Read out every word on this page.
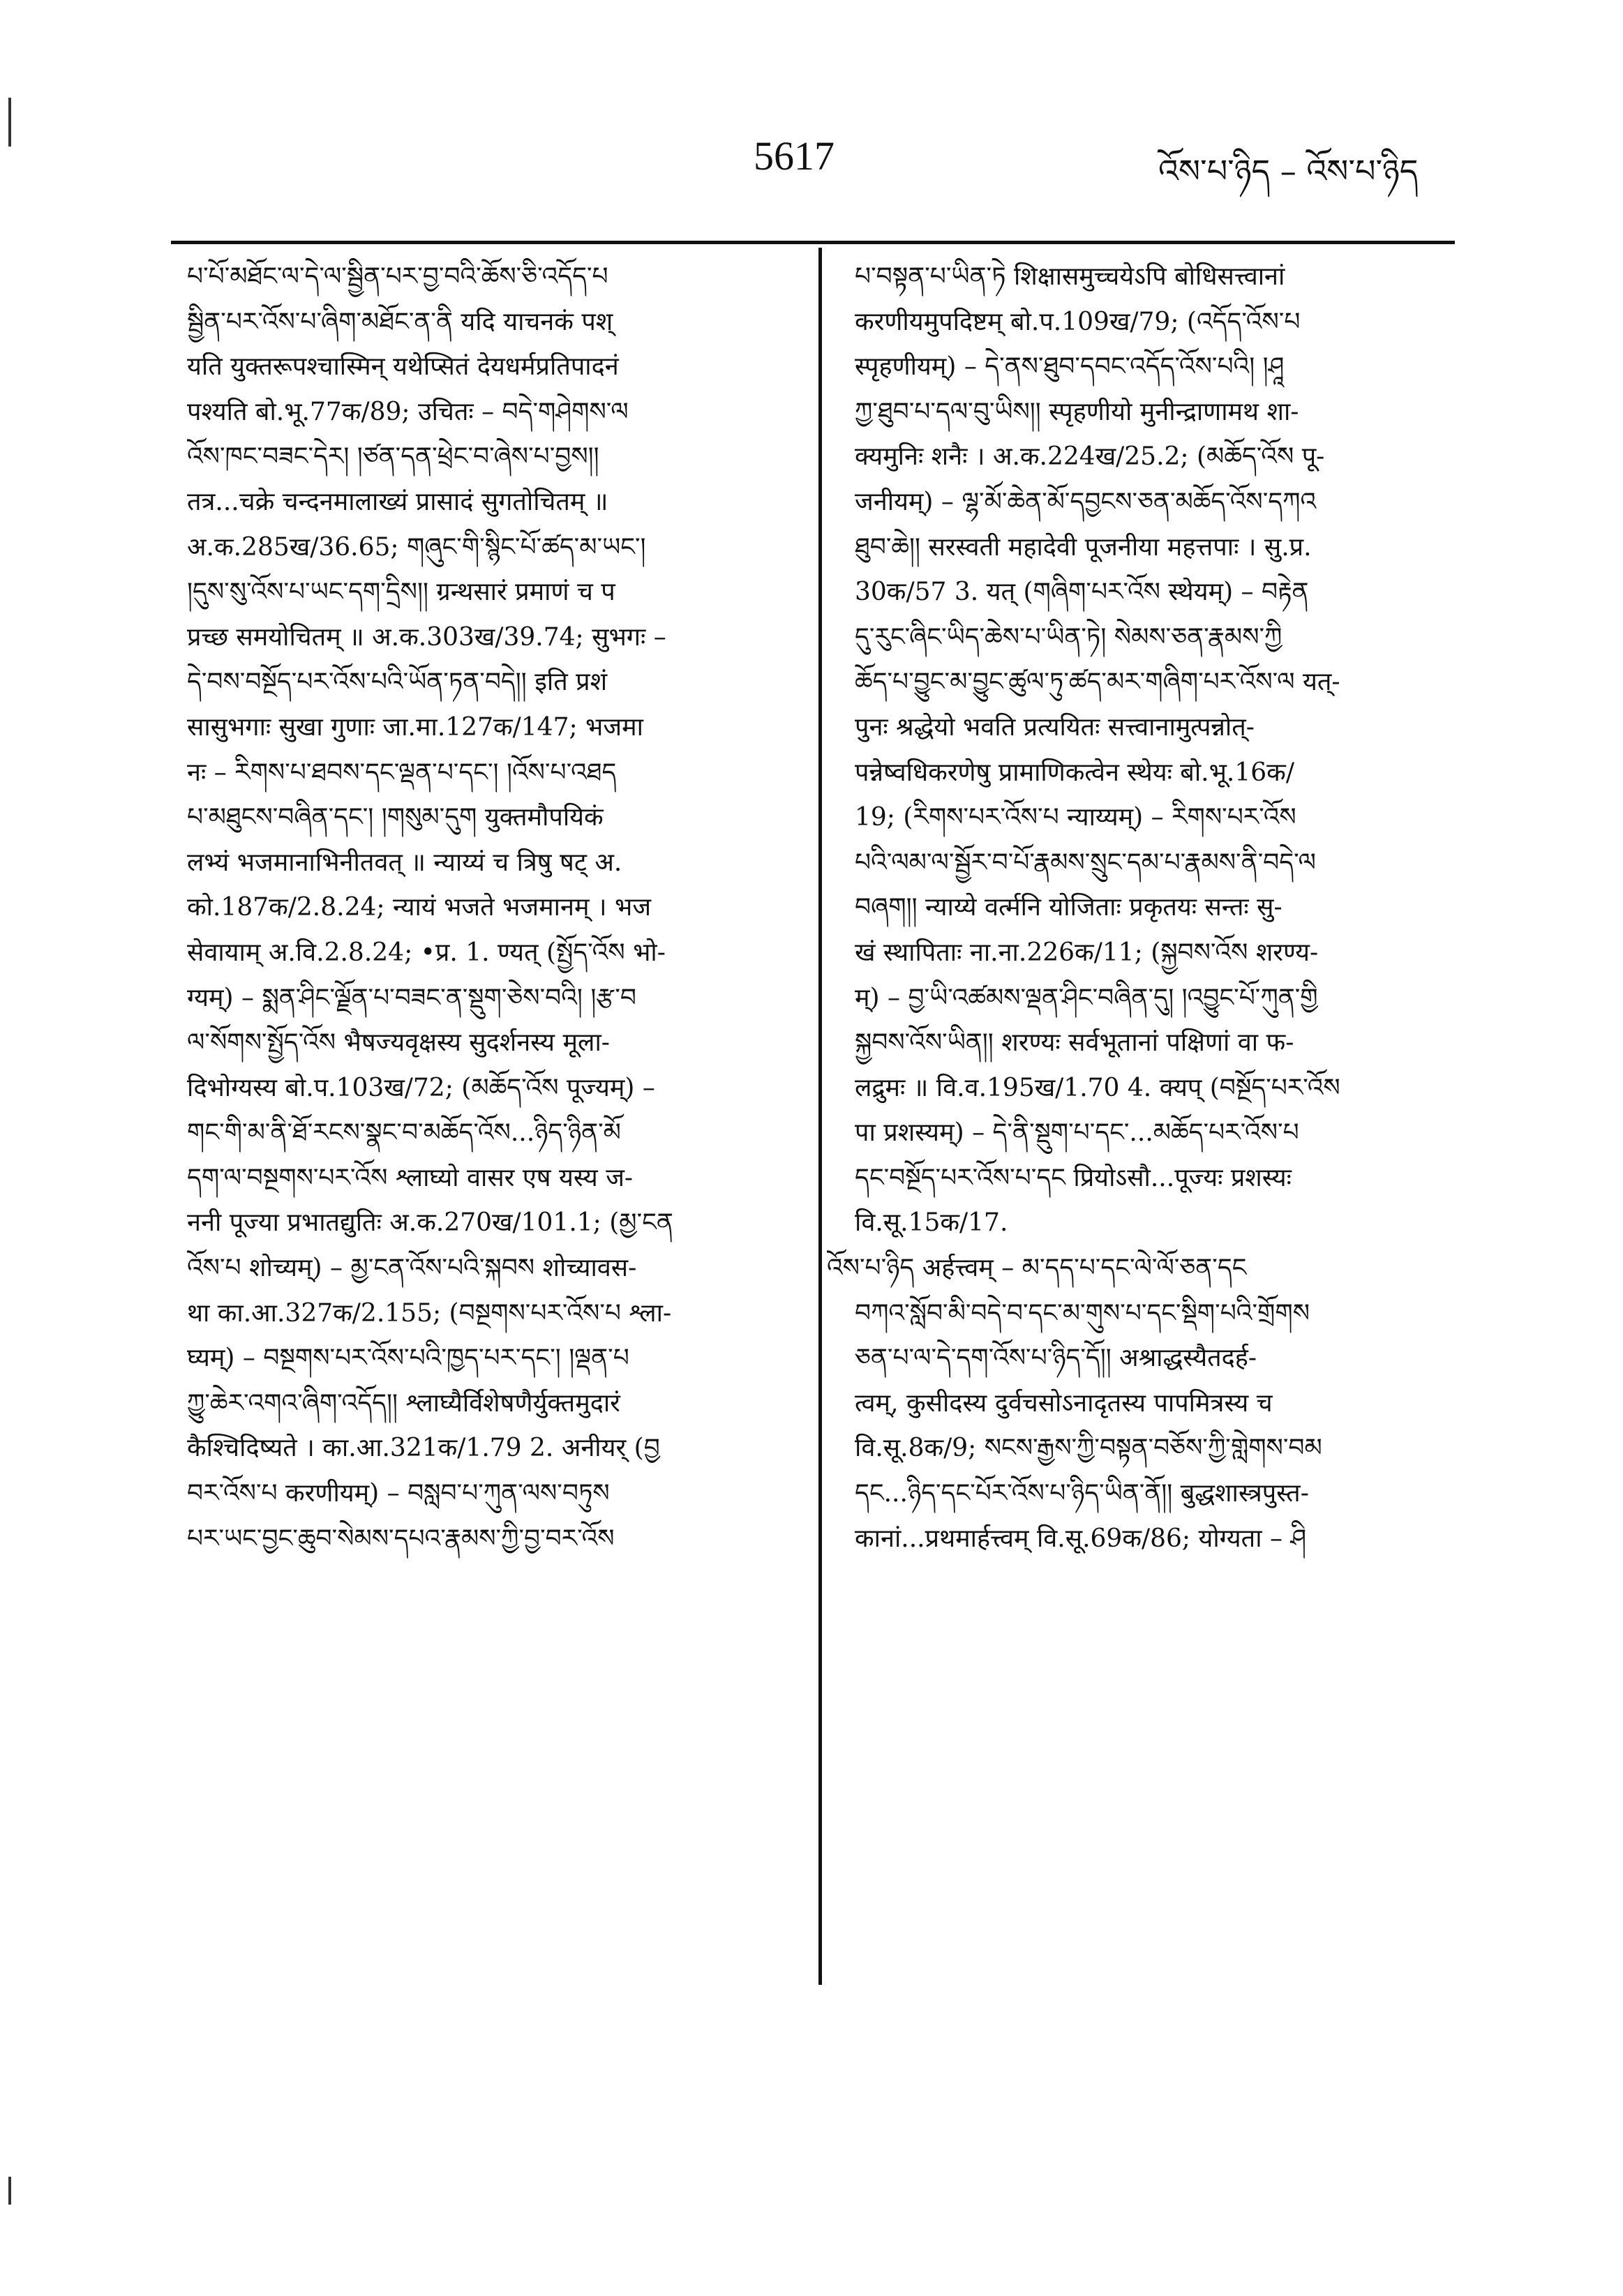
5617	འོས་པ་ཉིད – འོས་པ་ཉིད
པ་པོ་མཐོང་ལ་དེ་ལ་སྦྱིན་པར་བྱ་བའི་ཆོས་ཅི་འདོད་པ
སྦྱིན་པར་འོས་པ་ཞིག་མཐོང་ན་ནི यदि याचनकं पश्
यति युक्तरूपश्चास्मिन् यथेप्सितं देयधर्मप्रतिपादनं
पश्यति बो.भू.77क/89; उचितः – བདེ་གཤེགས་ལ
འོས་ཁང་བཟང་དེར། །ཙན་དན་ཕྲེང་བ་ཞེས་པ་བྱས།།
तत्र...चक्रे चन्दनमालाख्यं प्रासादं सुगतोचितम् ॥
अ.क.285ख/36.65; གཞུང་གི་སྙིང་པོ་ཚད་མ་ཡང་།
།དུས་སུ་འོས་པ་ཡང་དག་དྲིས།། ग्रन्थसारं प्रमाणं च प
प्रच्छ समयोचितम् ॥ अ.क.303ख/39.74; सुभगः –
དེ་བས་བསྔོད་པར་འོས་པའི་ཡོན་ཏན་བདེ།། इति प्रशं
सासुभगाः सुखा गुणाः जा.मा.127क/147; भजमा
नः – རིགས་པ་ཐབས་དང་ལྡན་པ་དང་། །འོས་པ་འཐད
པ་མཐུངས་བཞིན་དང་། །གསུམ་དུག युक्तमौपयिकं
लभ्यं भजमानाभिनीतवत् ॥ न्याय्यं च त्रिषु षट् अ.
को.187क/2.8.24; न्यायं भजते भजमानम् । भज
सेवायाम् अ.वि.2.8.24; •प्र. 1. ण्यत् (སྤྱོད་འོས भो-
ग्यम्) – སྨན་ཤིང་ལྗོན་པ་བཟང་ན་སྡུག་ཅེས་བའི། །རྩ་བ
ལ་སོགས་སྤྱོད་འོས भैषज्यवृक्षस्य सुदर्शनस्य मूला-
दिभोग्यस्य बो.प.103ख/72; (མཆོད་འོས पूज्यम्) –
གང་གི་མ་ནི་ཐོ་རངས་སྣང་བ་མཆོད་འོས...ཉིད་ཉིན་མོ
དག་ལ་བསྔགས་པར་འོས श्लाघ्यो वासर एष यस्य ज-
ननी पूज्या प्रभातद्युतिः अ.क.270ख/101.1; (མྱ་ངན
འོས་པ शोच्यम्) – མྱ་ངན་འོས་པའི་སྐབས शोच्यावस-
था का.आ.327क/2.155; (བསྔགས་པར་འོས་པ श्ला-
घ्यम्) – བསྔགས་པར་འོས་པའི་ཁྱད་པར་དང་། །ལྡན་པ
ཀྱུ་ཆེར་འགའ་ཞིག་འདོད།། श्लाघ्यैर्विशेषणैर्युक्तमुदारं
कैश्चिदिष्यते । का.आ.321क/1.79 2. अनीयर् (བྱ
བར་འོས་པ करणीयम्) – བསླབ་པ་ཀུན་ལས་བཏུས
པར་ཡང་བྱང་ཆུབ་སེམས་དཔའ་རྣམས་ཀྱི་བྱ་བར་འོས
པ་བསྟན་པ་ཡིན་ཏེ शिक्षासमुच्चयेऽपि बोधिसत्त्वानां
करणीयमुपदिष्टम् बो.प.109ख/79; (འདོད་འོས་པ
स्पृहणीयम्) – དེ་ནས་ཐུབ་དབང་འདོད་འོས་པའི། །ཤཱ
ཀྱ་ཐུབ་པ་དལ་བུ་ཡིས།། स्पृहणीयो मुनीन्द्राणामथ शा-
क्यमुनिः शनैः । अ.क.224ख/25.2; (མཆོད་འོས पू-
जनीयम्) – ལྷ་མོ་ཆེན་མོ་དབྱངས་ཅན་མཆོད་འོས་དཀའ
ཐུབ་ཆེ།། सरस्वती महादेवी पूजनीया महत्तपाः । सु.प्र.
30क/57 3. यत् (གཞིག་པར་འོས स्थेयम्) – བརྟེན
དུ་རུང་ཞིང་ཡིད་ཆེས་པ་ཡིན་ཏེ། སེམས་ཅན་རྣམས་ཀྱི
ཆོད་པ་བྱུང་མ་བྱུང་ཚུལ་ཏུ་ཚད་མར་གཞིག་པར་འོས་ལ यत्-
पुनः श्रद्धेयो भवति प्रत्ययितः सत्त्वानामुत्पन्नोत्-
पन्नेष्वधिकरणेषु प्रामाणिकत्वेन स्थेयः बो.भू.16क/
19; (རིགས་པར་འོས་པ न्याय्यम्) – རིགས་པར་འོས
པའི་ལམ་ལ་སྦྱོར་བ་པོ་རྣམས་སྲུང་དམ་པ་རྣམས་ནི་བདེ་ལ
བཞག།། न्याय्ये वर्त्मनि योजिताः प्रकृतयः सन्तः सु-
खं स्थापिताः ना.ना.226क/11; (སྐྱབས་འོས शरण्य-
म्) – བྱ་ཡི་འཚམས་ལྡན་ཤིང་བཞིན་དུ། །འབྱུང་པོ་ཀུན་གྱི
སྐྱབས་འོས་ཡིན།། शरण्यः सर्वभूतानां पक्षिणां वा फ-
लद्रुमः ॥ वि.व.195ख/1.70 4. क्यप् (བསྔོད་པར་འོས
पा प्रशस्यम्) – དེ་ནི་སྡུག་པ་དང་...མཆོད་པར་འོས་པ
དང་བསྔོད་པར་འོས་པ་དང प्रियोऽसौ...पूज्यः प्रशस्यः
वि.सू.15क/17.
འོས་པ་ཉིད अर्हत्त्वम् – མ་དད་པ་དང་ལེ་ལོ་ཅན་དང
བཀའ་སློབ་མི་བདེ་བ་དང་མ་གུས་པ་དང་སྡིག་པའི་གྲོགས
ཅན་པ་ལ་དེ་དག་འོས་པ་ཉིད་དོ།། अश्राद्धस्यैतदर्ह-
त्वम्, कुसीदस्य दुर्वचसोऽनादृतस्य पापमित्रस्य च
वि.सू.8क/9; སངས་རྒྱས་ཀྱི་བསྟན་བཅོས་ཀྱི་གླེགས་བམ
དང...ཉིད་དང་པོར་འོས་པ་ཉིད་ཡིན་ནོ།། बुद्धशास्त्रपुस्त-
कानां...प्रथमार्हत्त्वम् वि.सू.69क/86; योग्यता – ཤི
